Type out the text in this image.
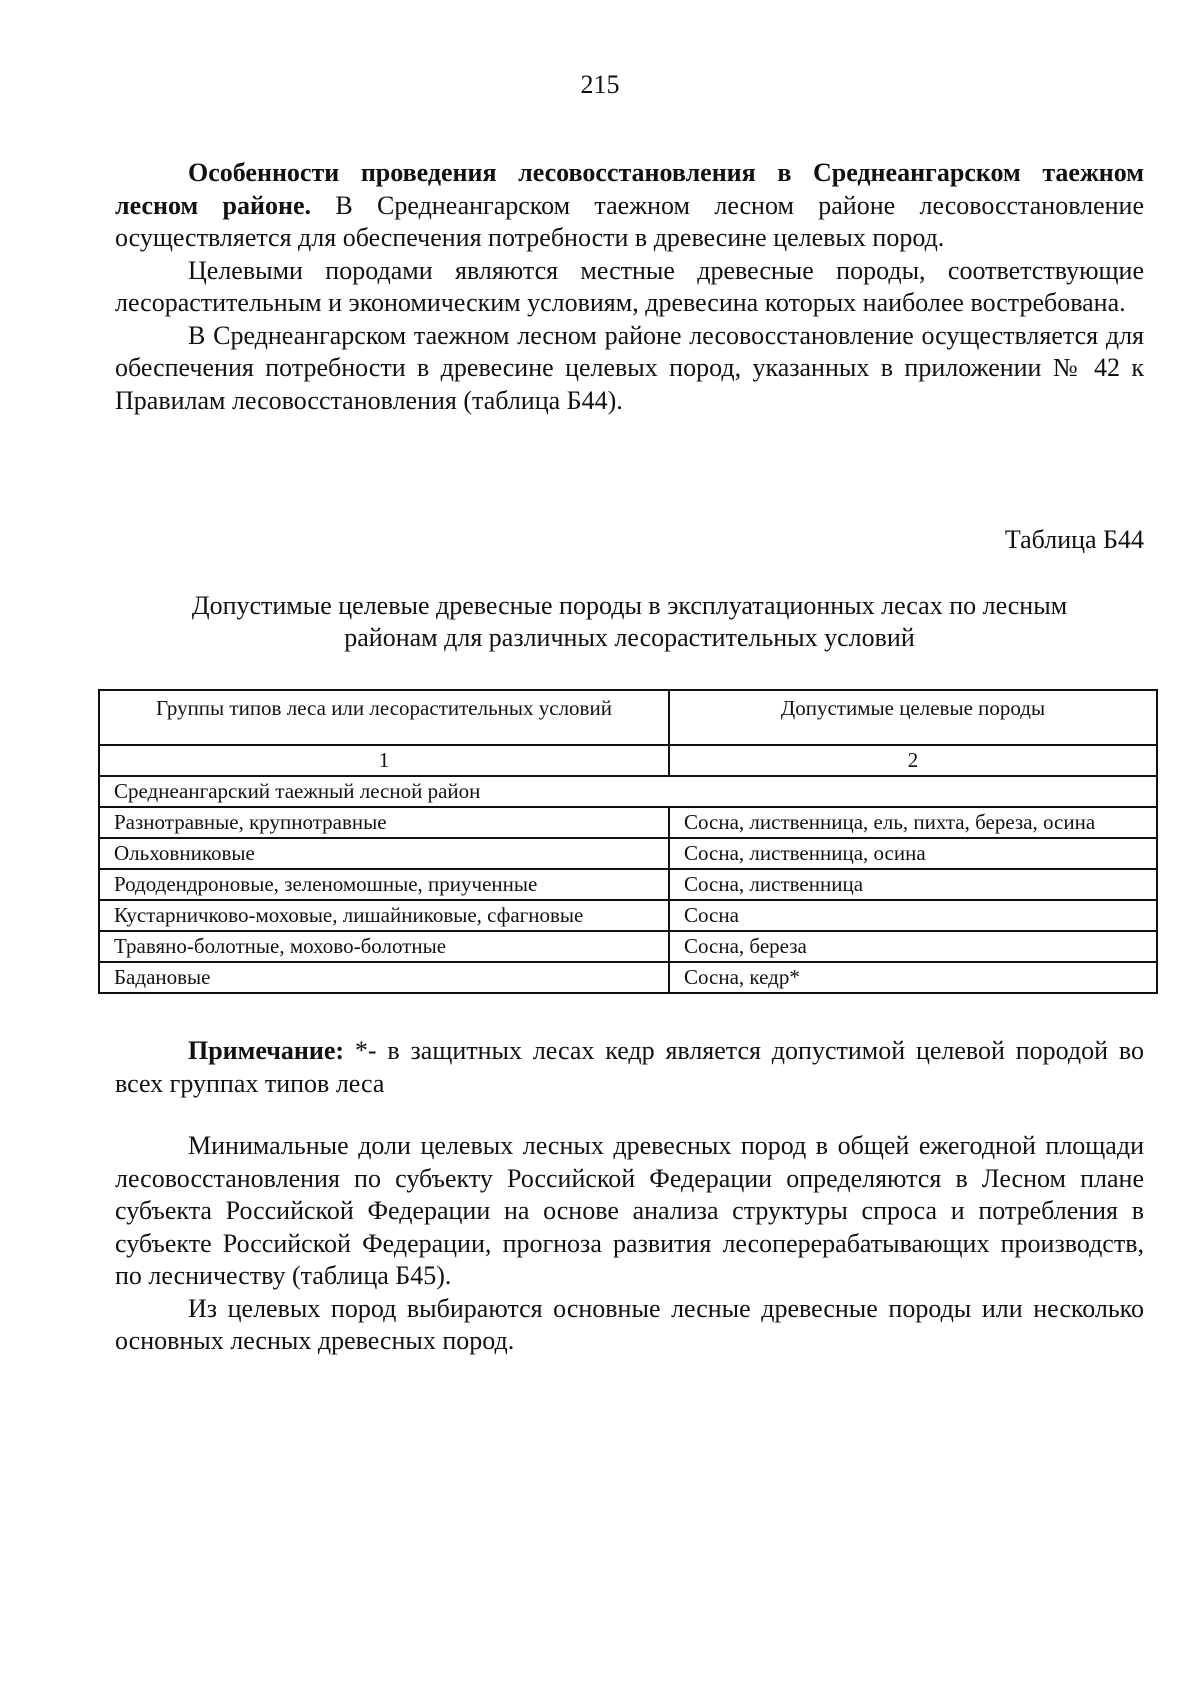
215

Особенности проведения лесовосстановления в Среднеангарском таежном лесном районе. В Среднеангарском таежном лесном районе лесовосстановление осуществляется для обеспечения потребности в древесине целевых пород.

Целевыми породами являются местные древесные породы, соответствующие лесорастительным и экономическим условиям, древесина которых наиболее востребована.

В Среднеангарском таежном лесном районе лесовосстановление осуществляется для обеспечения потребности в древесине целевых пород, указанных в приложении № 42 к Правилам лесовосстановления (таблица Б44).

Таблица Б44
Допустимые целевые древесные породы в эксплуатационных лесах по лесным
районам для различных лесорастительных условий
Группы типов леса или лесорастительных условий	Допустимые целевые породы
1	2
Среднеангарский таежный лесной район	
Разнотравные, крупнотравные	Сосна, лиственница, ель, пихта, береза, осина
Ольховниковые	Сосна, лиственница, осина
Рододендроновые, зеленомошные, приученные	Сосна, лиственница
Кустарничково-моховые, лишайниковые, сфагновые	Сосна
Травяно-болотные, мохово-болотные	Сосна, береза
Бадановые	Сосна, кедр*

Примечание: *- в защитных лесах кедр является допустимой целевой породой во всех группах типов леса

Минимальные доли целевых лесных древесных пород в общей ежегодной площади лесовосстановления по субъекту Российской Федерации определяются в Лесном плане субъекта Российской Федерации на основе анализа структуры спроса и потребления в субъекте Российской Федерации, прогноза развития лесоперерабатывающих производств, по лесничеству (таблица Б45).

Из целевых пород выбираются основные лесные древесные породы или несколько основных лесных древесных пород.
